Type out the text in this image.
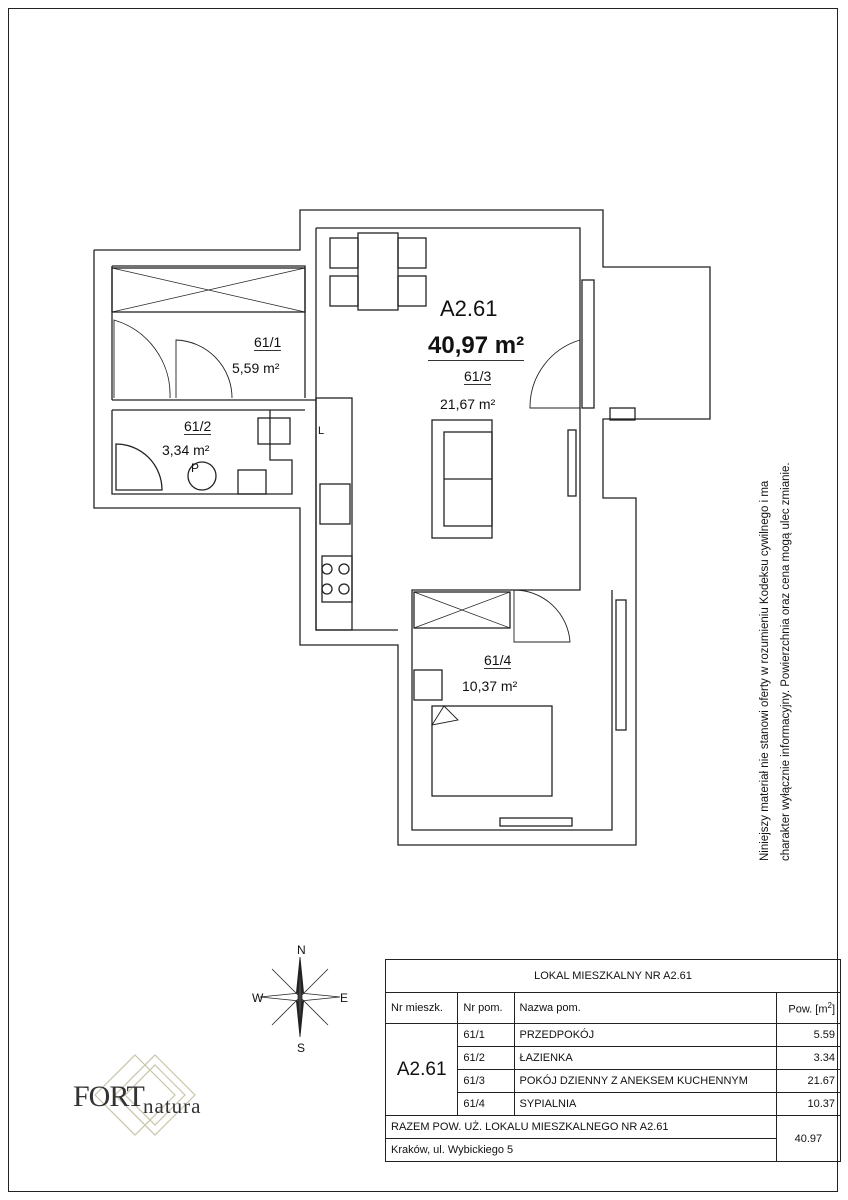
A2.61
40,97 m²
61/3
21,67 m²
61/1
5,59 m²
61/2
3,34 m²
61/4
10,37 m²
L
P
Niniejszy materiał nie stanowi oferty w rozumieniu Kodeksu cywilnego i ma charakter wyłącznie informacyjny. Powierzchnia oraz cena mogą ulec zmianie.
N
S
E
W
FORT natura
LOKAL MIESZKALNY NR A2.61			
Nr mieszk.	Nr pom.	Nazwa pom.	Pow. $[m^2]$
A2.61	61/1	PRZEDPOKÓJ	5.59
	61/2	ŁAZIENKA	3.34
	61/3	POKÓJ DZIENNY Z ANEKSEM KUCHENNYM	21.67
	61/4	SYPIALNIA	10.37
RAZEM POW. UŻ. LOKALU MIESZKALNEGO NR A2.61			40.97
Kraków, ul. Wybickiego 5			
